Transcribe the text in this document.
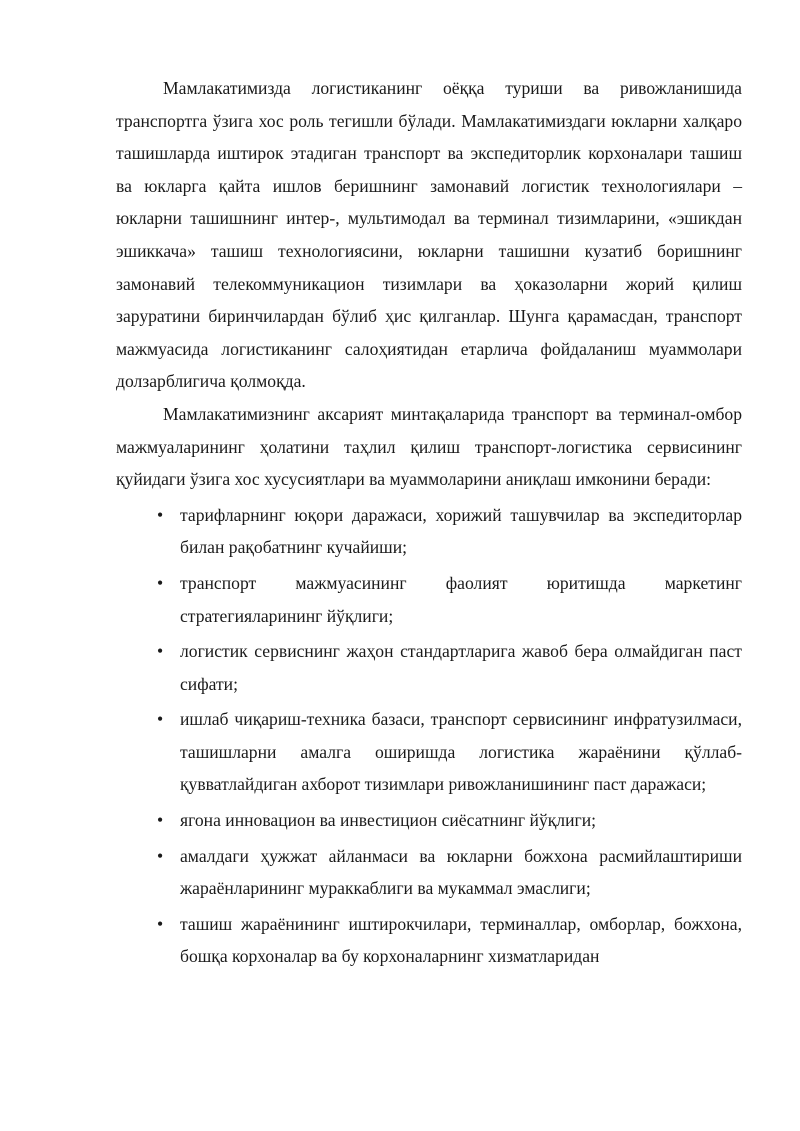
Мамлакатимизда логистиканинг оёққа туриши ва ривожланишида транспортга ўзига хос роль тегишли бўлади. Мамлакатимиздаги юкларни халқаро ташишларда иштирок этадиган транспорт ва экспедиторлик корхоналари ташиш ва юкларга қайта ишлов беришнинг замонавий логистик технологиялари – юкларни ташишнинг интер-, мультимодал ва терминал тизимларини, «эшикдан эшиккача» ташиш технологиясини, юкларни ташишни кузатиб боришнинг замонавий телекоммуникацион тизимлари ва ҳоказоларни жорий қилиш заруратини биринчилардан бўлиб ҳис қилганлар. Шунга қарамасдан, транспорт мажмуасида логистиканинг салоҳиятидан етарлича фойдаланиш муаммолари долзарблигича қолмоқда.

Мамлакатимизнинг аксарият минтақаларида транспорт ва терминал-омбор мажмуаларининг ҳолатини таҳлил қилиш транспорт-логистика сервисининг қуйидаги ўзига хос хусусиятлари ва муаммоларини аниқлаш имконини беради:

• тарифларнинг юқори даражаси, хорижий ташувчилар ва экспедиторлар билан рақобатнинг кучайиши;
• транспорт мажмуасининг фаолият юритишда маркетинг стратегияларининг йўқлиги;
• логистик сервиснинг жаҳон стандартларига жавоб бера олмайдиган паст сифати;
• ишлаб чиқариш-техника базаси, транспорт сервисининг инфратузилмаси, ташишларни амалга оширишда логистика жараёнини қўллаб-қувватлайдиган ахборот тизимлари ривожланишининг паст даражаси;
• ягона инновацион ва инвестицион сиёсатнинг йўқлиги;
• амалдаги ҳужжат айланмаси ва юкларни божхона расмийлаштириши жараёнларининг мураккаблиги ва мукаммал эмаслиги;
• ташиш жараёнининг иштирокчилари, терминаллар, омборлар, божхона, бошқа корхоналар ва бу корхоналарнинг хизматларидан
